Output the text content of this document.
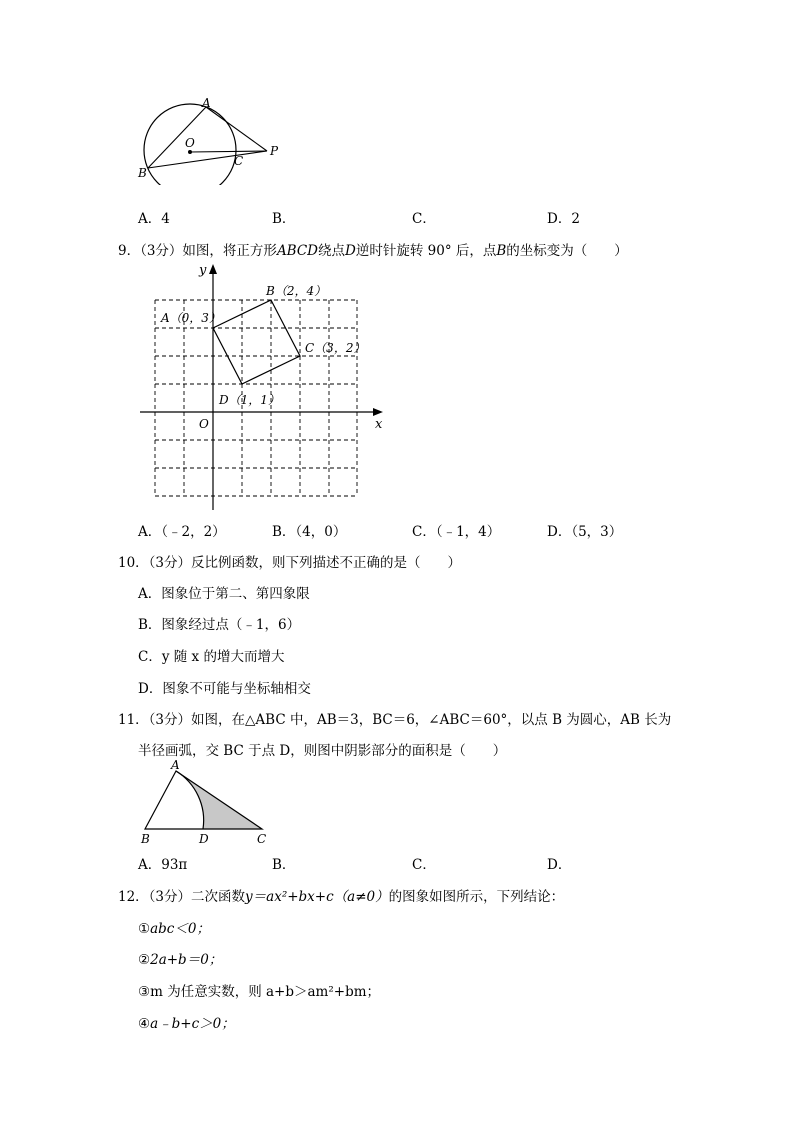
A
O
C
P
B
A．4	B．	C．	D．2
9．（3分）如图，将正方形ABCD绕点D逆时针旋转 90° 后，点B的坐标变为（　　）
y
x
O
B（2，4）
A（0，3）
C（3，2）
D（1，1）
A．（﹣2，2）	B．（4，0）	C．（﹣1，4）	D．（5，3）
10．（3分）反比例函数，则下列描述不正确的是（　　）
A．图象位于第二、第四象限
B．图象经过点（﹣1，6）
C．y 随 x 的增大而增大
D．图象不可能与坐标轴相交
11．（3分）如图，在△ABC 中，AB＝3，BC＝6，∠ABC＝60°，以点 B 为圆心，AB 长为
半径画弧，交 BC 于点 D，则图中阴影部分的面积是（　　）
A
B	D	C
A．93π	B．	C．	D．
12．（3分）二次函数y＝ax²+bx+c（a≠0）的图象如图所示，下列结论：
①abc＜0；
②2a+b＝0；
③m 为任意实数，则 a+b＞am²+bm；
④a﹣b+c＞0；
